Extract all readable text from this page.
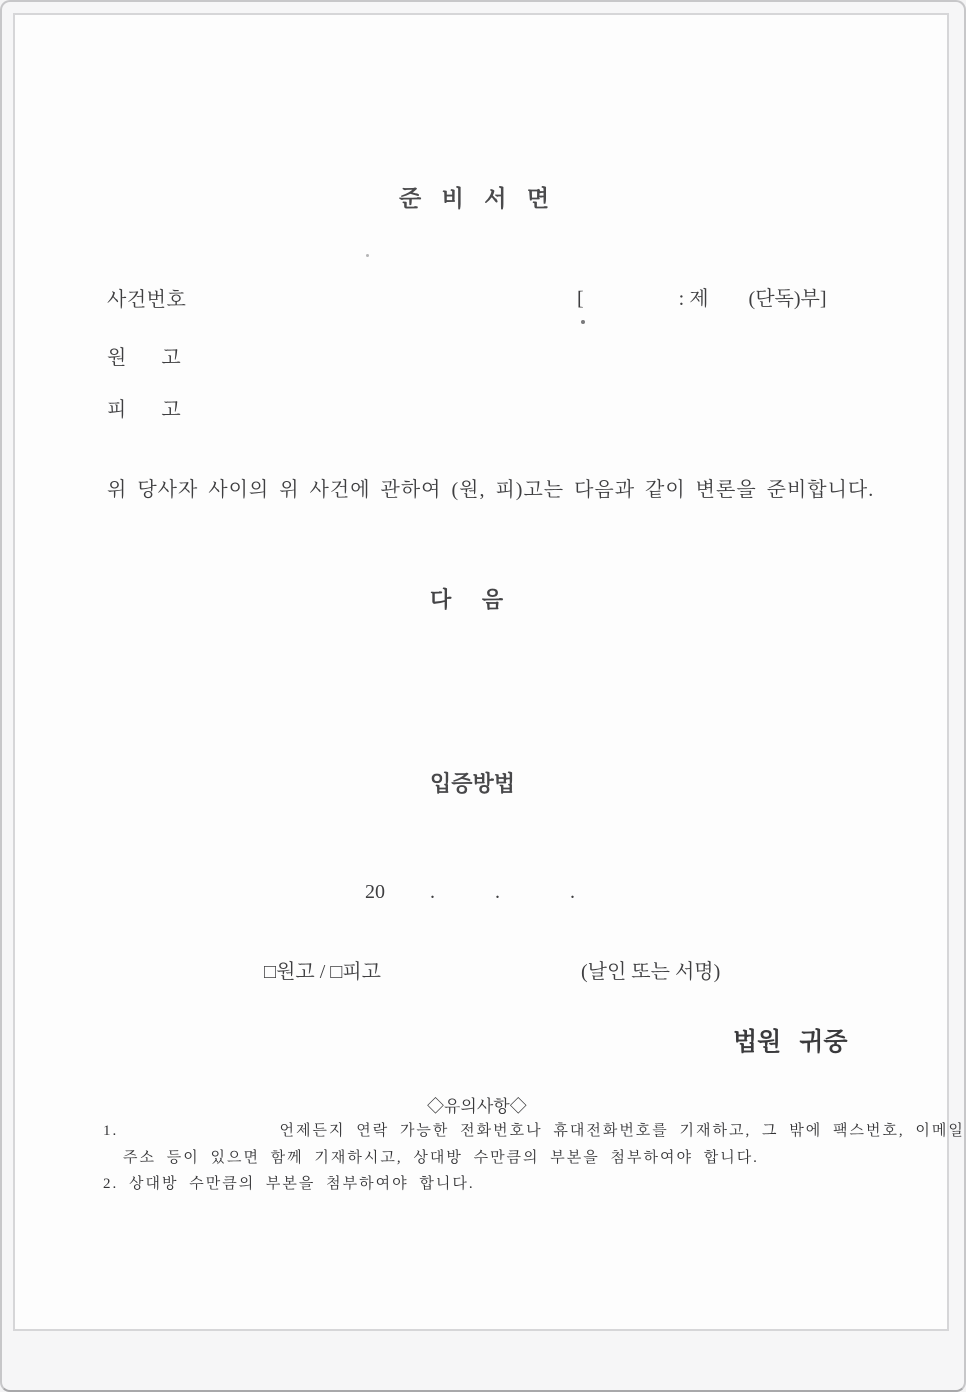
준 비 서 면
사건번호	[                   : 제        (단독)부]
원       고
피       고
위 당사자 사이의 위 사건에 관하여 (원, 피)고는 다음과 같이 변론을 준비합니다.
다     음
입증방법
20         .            .              .
□원고 / □피고	(날인 또는 서명)
법원  귀중
◇유의사항◇
1.               언제든지 연락 가능한 전화번호나 휴대전화번호를 기재하고, 그 밖에 팩스번호, 이메일
주소 등이 있으면 함께 기재하시고, 상대방 수만큼의 부본을 첨부하여야 합니다.
2. 상대방 수만큼의 부본을 첨부하여야 합니다.
